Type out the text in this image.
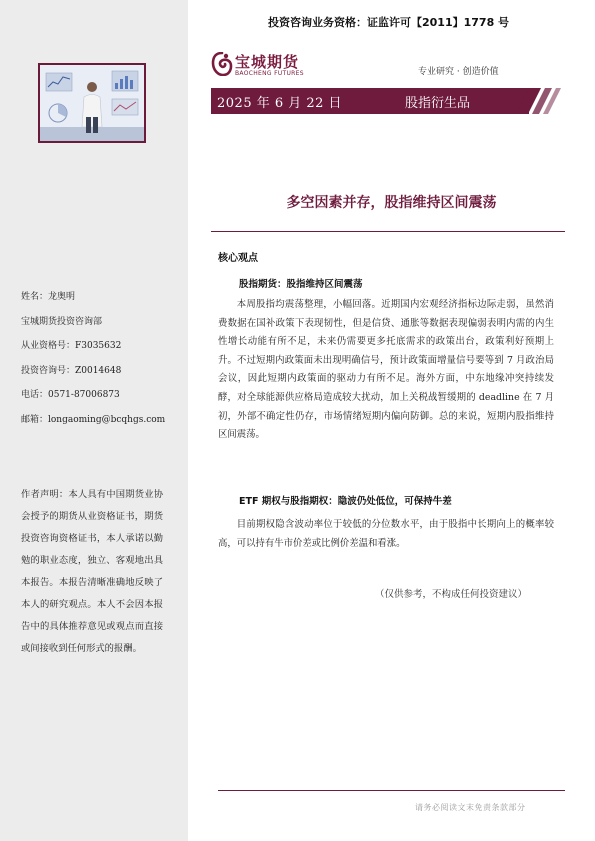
姓名：龙奥明
宝城期货投资咨询部
从业资格号：F3035632
投资咨询号：Z0014648
电话：0571-87006873
邮箱：longaoming@bcqhgs.com
作者声明：本人具有中国期货业协会授予的期货从业资格证书，期货投资咨询资格证书，本人承诺以勤勉的职业态度，独立、客观地出具本报告。本报告清晰准确地反映了本人的研究观点。本人不会因本报告中的具体推荐意见或观点而直接或间接收到任何形式的报酬。
投资咨询业务资格：证监许可【2011】1778 号
宝城期货
BAOCHENG FUTURES	专业研究 · 创造价值
2025 年 6 月 22 日	股指衍生品
多空因素并存，股指维持区间震荡
核心观点
股指期货：股指维持区间震荡
本周股指均震荡整理，小幅回落。近期国内宏观经济指标边际走弱，虽然消费数据在国补政策下表现韧性，但是信贷、通胀等数据表现偏弱表明内需的内生性增长动能有所不足，未来仍需要更多托底需求的政策出台，政策利好预期上升。不过短期内政策面未出现明确信号，预计政策面增量信号要等到 7 月政治局会议，因此短期内政策面的驱动力有所不足。海外方面，中东地缘冲突持续发酵，对全球能源供应格局造成较大扰动，加上关税战暂缓期的 deadline 在 7 月初，外部不确定性仍存，市场情绪短期内偏向防御。总的来说，短期内股指维持区间震荡。
ETF 期权与股指期权：隐波仍处低位，可保持牛差
目前期权隐含波动率位于较低的分位数水平，由于股指中长期向上的概率较高，可以持有牛市价差或比例价差温和看涨。
（仅供参考，不构成任何投资建议）
请务必阅读文末免责条款部分
